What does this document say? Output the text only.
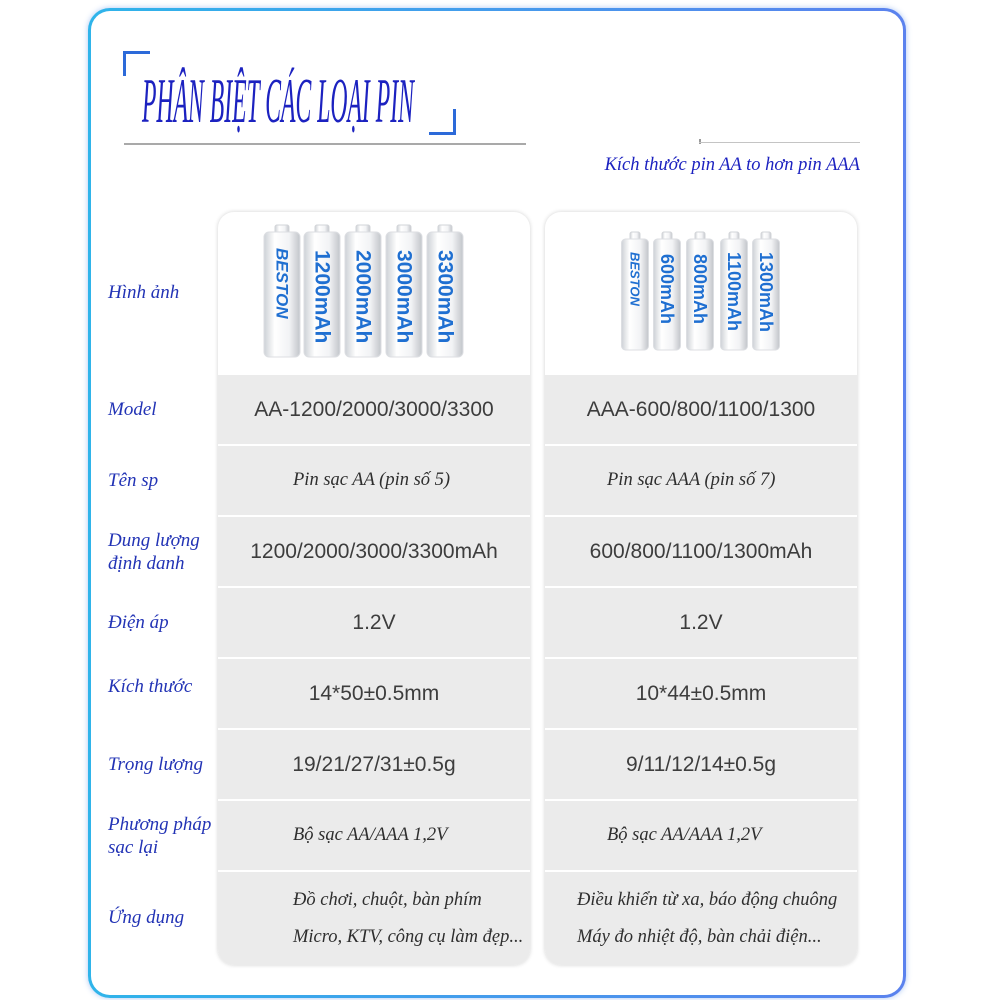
PHÂN BIỆT CÁC LOẠI PIN
Kích thước pin AA to hơn pin AAA
Hình ảnh
Model
Tên sp
Dung lượng
định danh
Điện áp
Kích thước
Trọng lượng
Phương pháp
sạc lại
Ứng dụng
BESTON 1200mAh 2000mAh 3000mAh 3300mAh
AA-1200/2000/3000/3300
Pin sạc AA (pin số 5)
1200/2000/3000/3300mAh
1.2V
14*50±0.5mm
19/21/27/31±0.5g
Bộ sạc AA/AAA 1,2V
Đồ chơi, chuột, bàn phím
Micro, KTV, công cụ làm đẹp...
BESTON 600mAh 800mAh 1100mAh 1300mAh
AAA-600/800/1100/1300
Pin sạc AAA (pin số 7)
600/800/1100/1300mAh
1.2V
10*44±0.5mm
9/11/12/14±0.5g
Bộ sạc AA/AAA 1,2V
Điều khiển từ xa, báo động chuông
Máy đo nhiệt độ, bàn chải điện...
